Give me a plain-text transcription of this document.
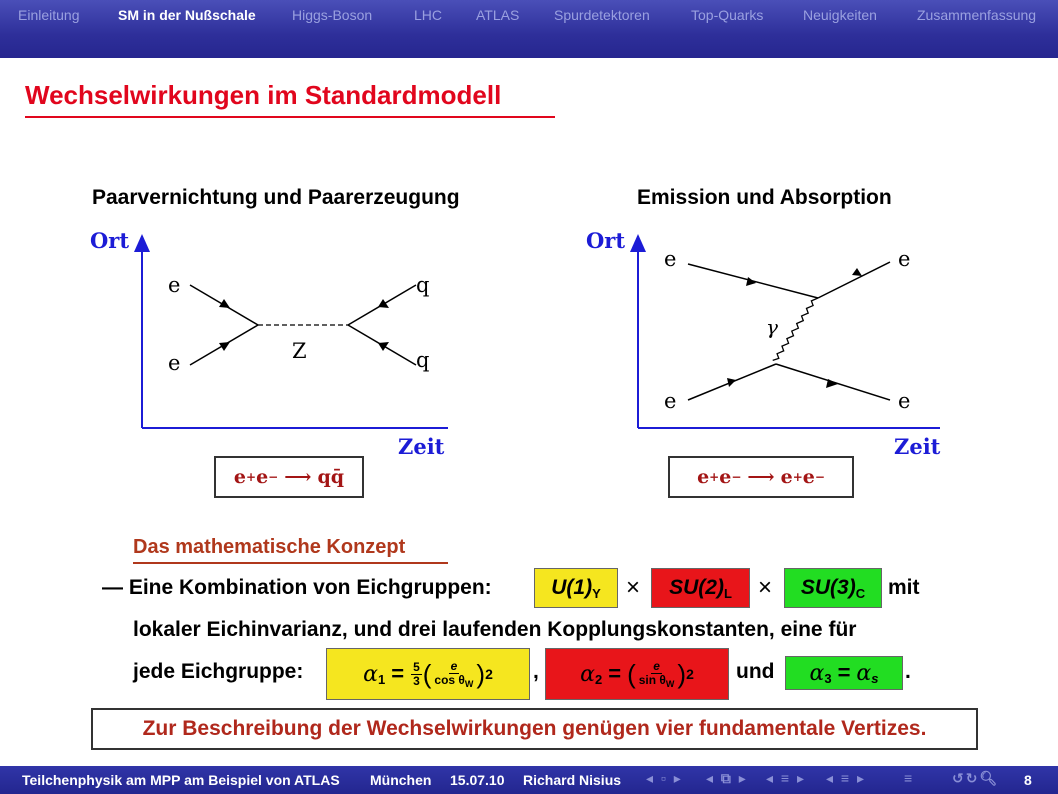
Einleitung	SM in der Nußschale	Higgs-Boson	LHC ATLAS Spurdetektoren	Top-Quarks	Neuigkeiten	Zusammenfassung
Wechselwirkungen im Standardmodell
Paarvernichtung und Paarerzeugung
Ort
Zeit
e
e	Z
q
q
e + e − ⟶ qq̄
Emission und Absorption
Ort
Zeit
e	e
e	e
γ
e + e − ⟶ e + e −
Das mathematische Konzept
— Eine Kombination von Eichgruppen:	$U(1)_Y \times SU(2)_L \times SU(3)_C$ mit
lokaler Eichinvarianz, und drei laufenden Kopplungskonstanten, eine für
jede Eichgruppe:	$\alpha_1 = \frac{5}{3}$ ( $\frac{e}{\cos \theta_W}$ ) 2 , $\alpha_2$ = ( $\frac{e}{\sin \theta_W}$ ) 2 und $\alpha_3 = \alpha_s$ .
Zur Beschreibung der Wechselwirkungen genügen vier fundamentale Vertizes.
Teilchenphysik am MPP am Beispiel von ATLAS München 15.07.10 Richard Nisius ◂ ▫ ▸ ◂ ⧉ ▸ ◂ ≡ ▸ ◂ ≡ ▸	≡	↺↻🔍︎ 8
